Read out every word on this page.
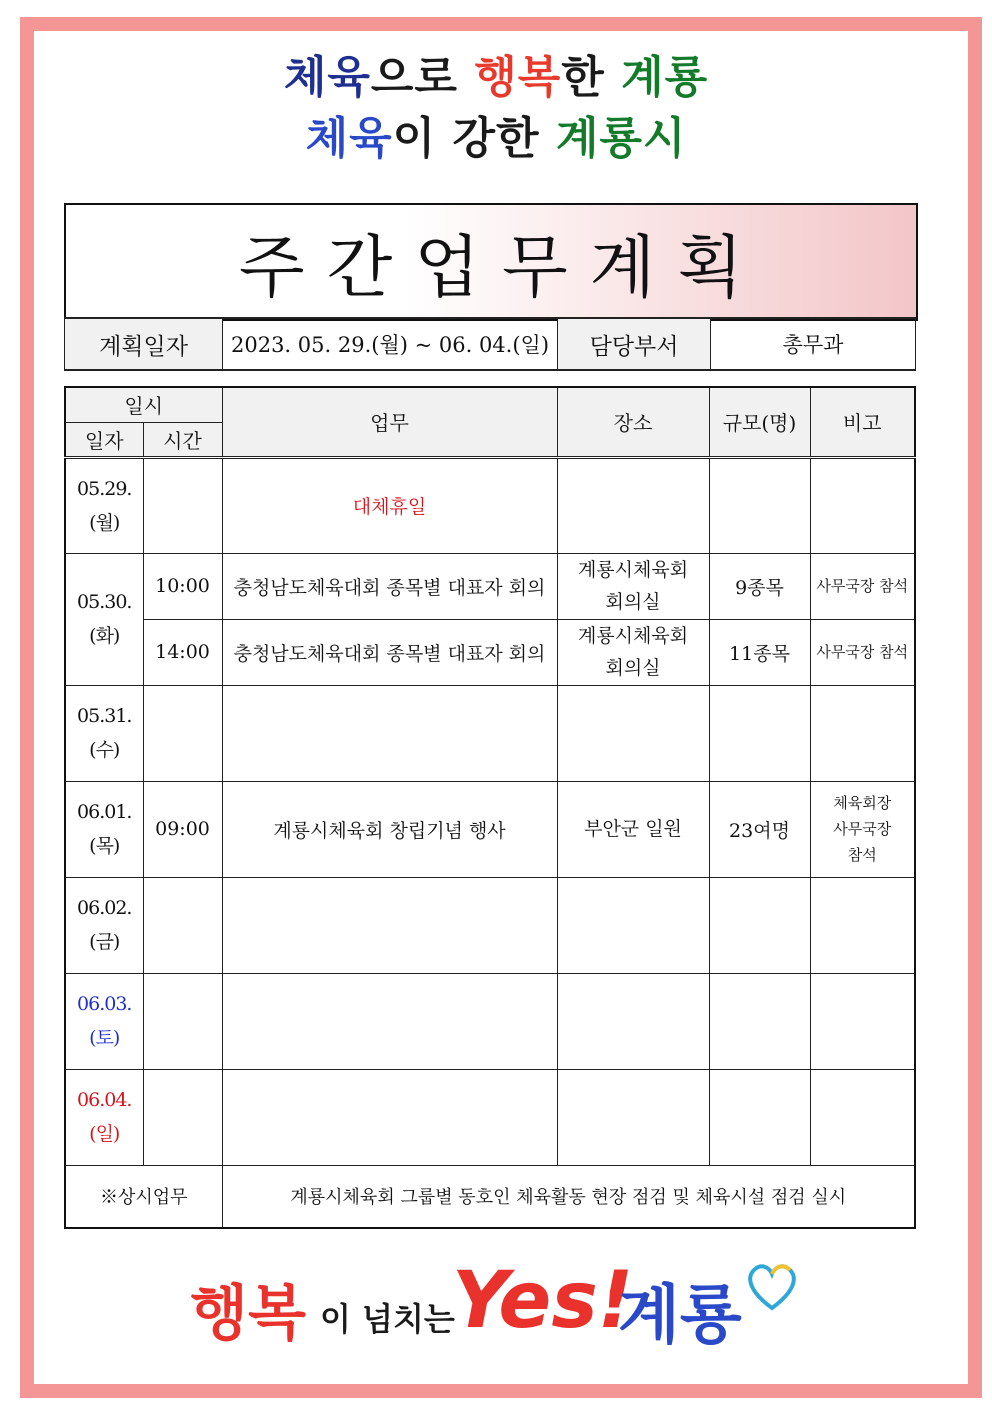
체육으로 행복한 계룡
체육이 강한 계룡시
주간업무계획
계획일자	2023. 05. 29.(월) ~ 06. 04.(일)	담당부서	총무과
일시		업무	장소	규모(명)	비고
일자	시간				

05.29.
(월)		대체휴일			

05.30.
(화)	10:00	충청남도체육대회 종목별 대표자 회의	계룡시체육회 회의실	9종목	사무국장 참석
	14:00	충청남도체육대회 종목별 대표자 회의	계룡시체육회 회의실	11종목	사무국장 참석

05.31.
(수)					

06.01.
(목)	09:00	계룡시체육회 창립기념 행사	부안군 일원	23여명	체육회장 사무국장 참석

06.02.
(금)					

06.03.
(토)					

06.04.
(일)					

※상시업무		계룡시체육회 그룹별 동호인 체육활동 현장 점검 및 체육시설 점검 실시			
행복 이 넘치는
Yes!
계룡
